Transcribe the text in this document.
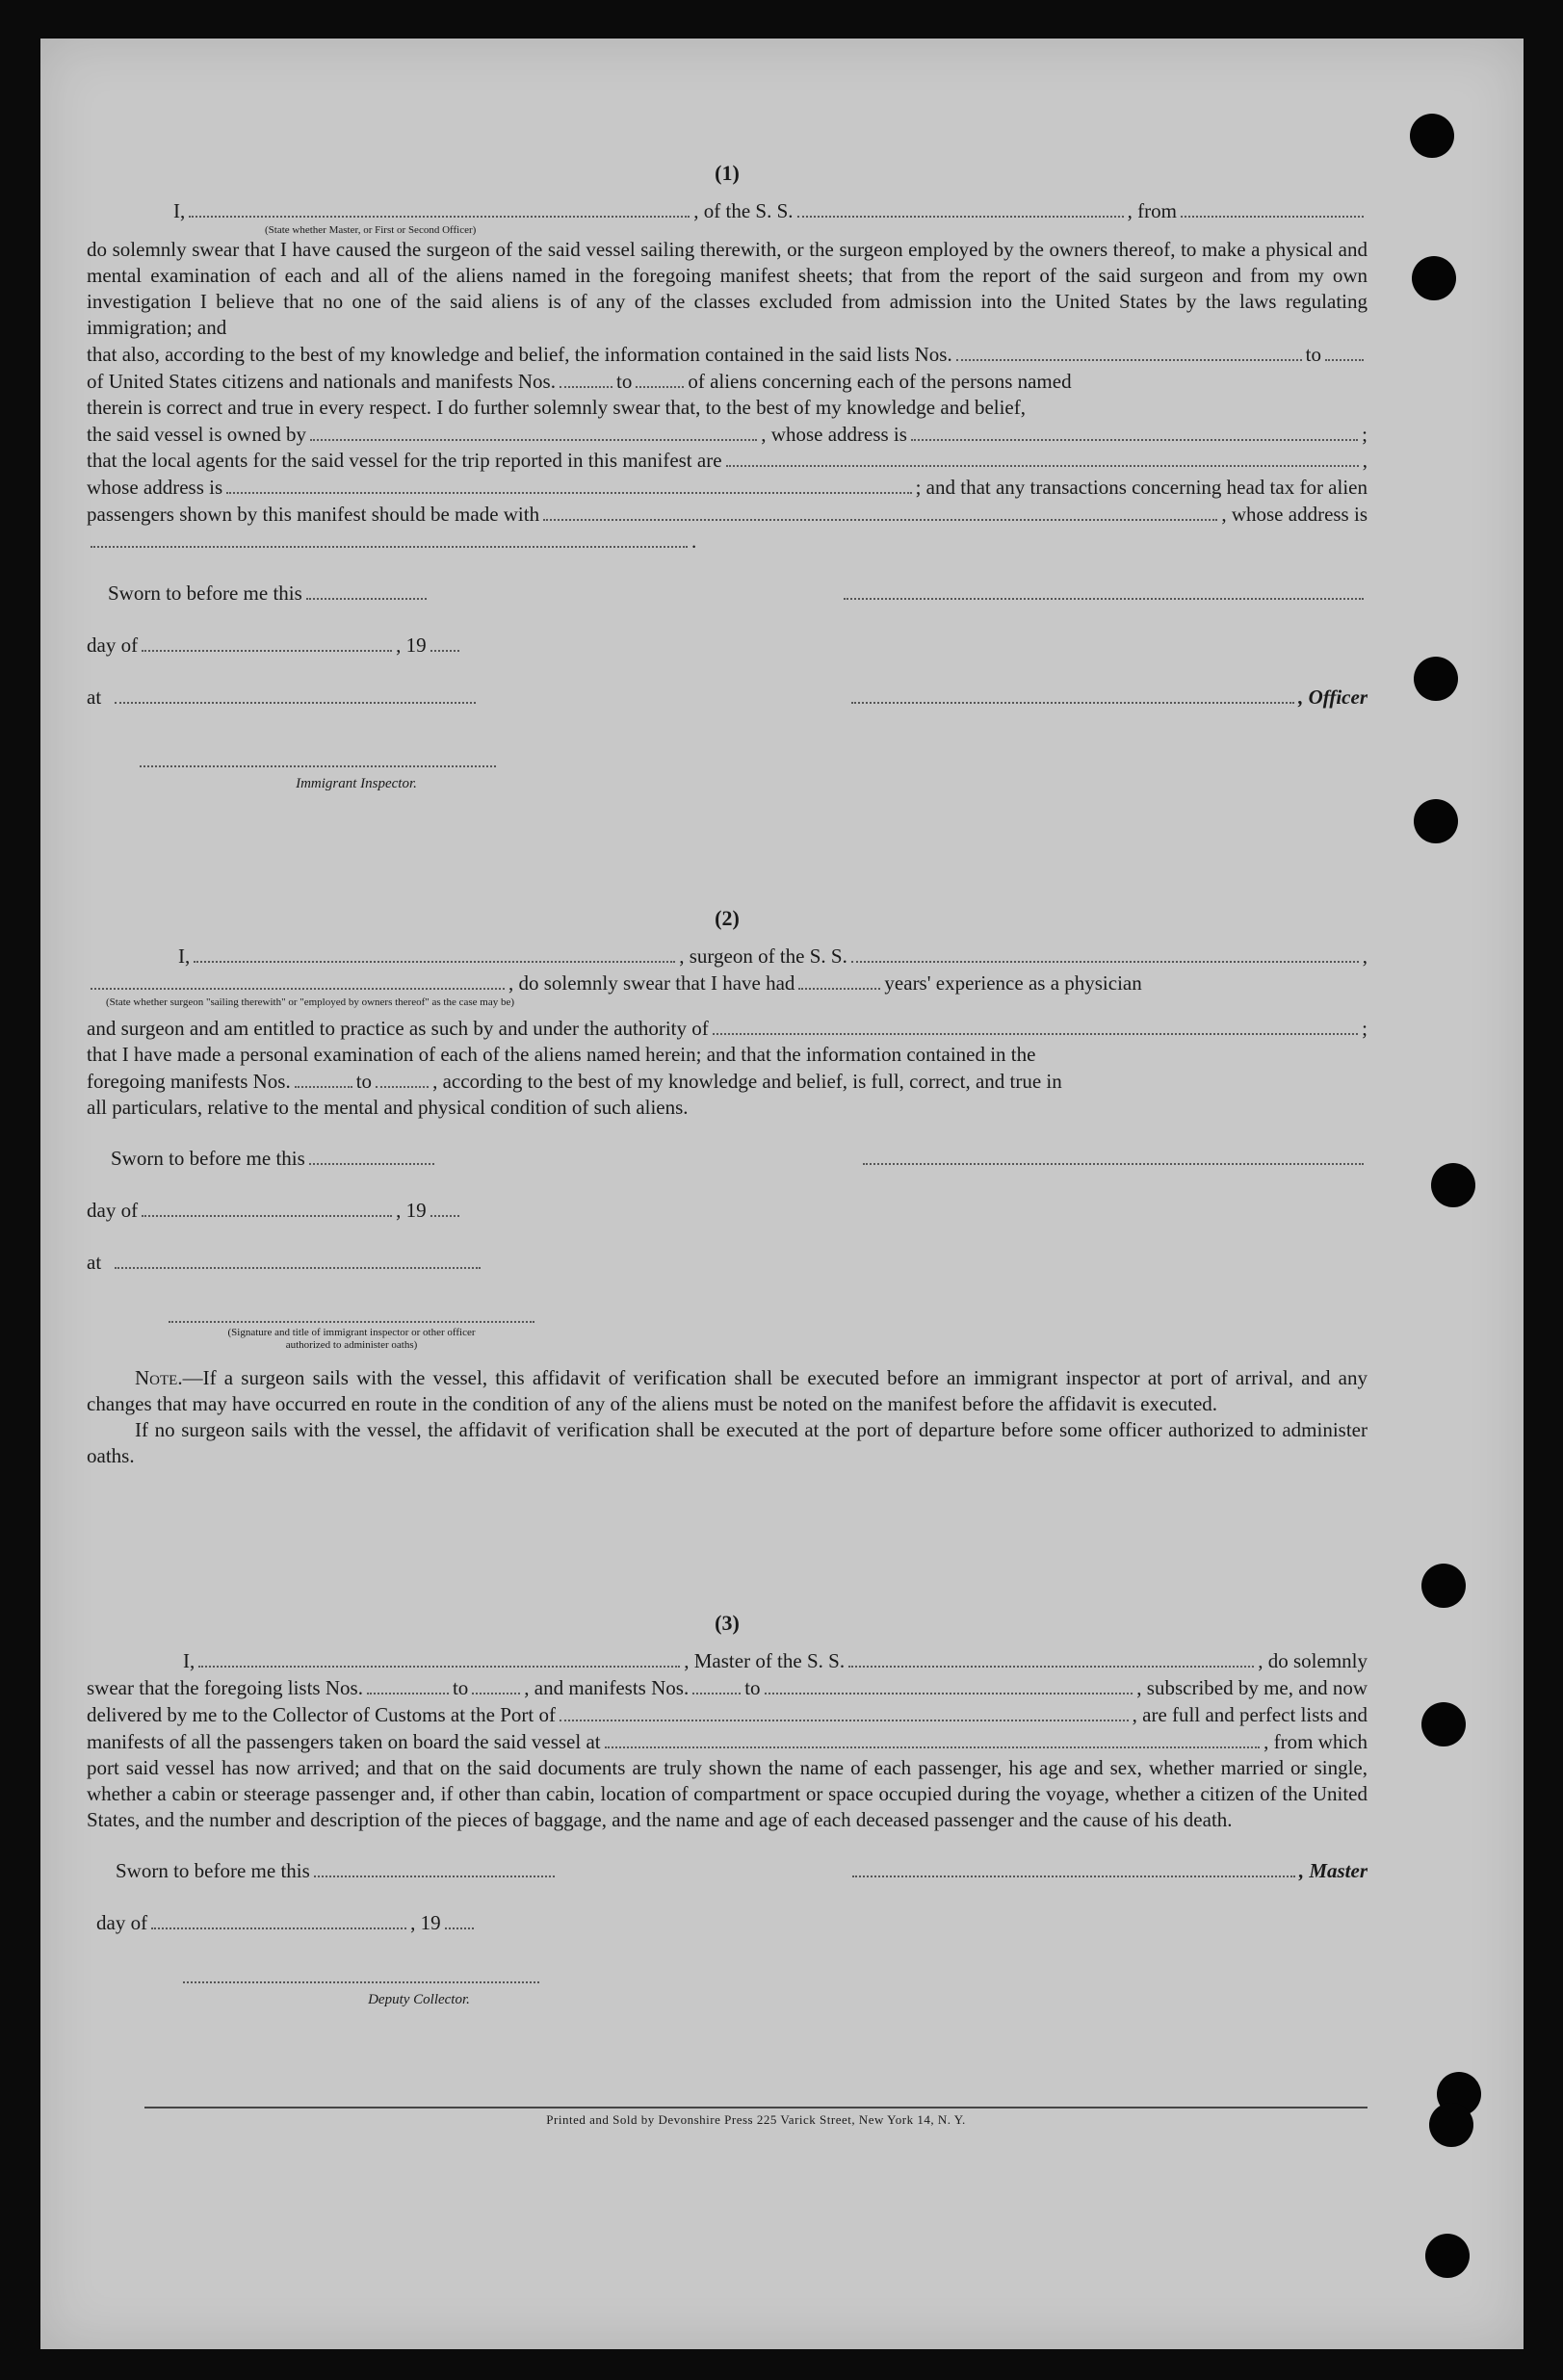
(1)
I,	, of the S. S.	, from
(State whether Master, or First or Second Officer)

do solemnly swear that I have caused the surgeon of the said vessel sailing therewith, or the surgeon employed by the owners thereof, to make a physical and mental examination of each and all of the aliens named in the foregoing manifest sheets; that from the report of the said surgeon and from my own investigation I believe that no one of the said aliens is of any of the classes excluded from admission into the United States by the laws regulating immigration; and

that also, according to the best of my knowledge and belief, the information contained in the said lists Nos.	to
of United States citizens and nationals and manifests Nos.	to	of aliens concerning each of the persons named

therein is correct and true in every respect. I do further solemnly swear that, to the best of my knowledge and belief,

the said vessel is owned by	, whose address is	;
that the local agents for the said vessel for the trip reported in this manifest are	,
whose address is	; and that any transactions concerning head tax for alien
passengers shown by this manifest should be made with	, whose address is
.
Sworn to before me this
day of	, 19
at	, Officer
Immigrant Inspector.
(2)
I,	, surgeon of the S. S.	,
, do solemnly swear that I have had	years' experience as a physician
(State whether surgeon "sailing therewith" or "employed by owners thereof" as the case may be)
and surgeon and am entitled to practice as such by and under the authority of	;
that I have made a personal examination of each of the aliens named herein; and that the information contained in the
foregoing manifests Nos.	to	, according to the best of my knowledge and belief, is full, correct, and true in
all particulars, relative to the mental and physical condition of such aliens.
Sworn to before me this
day of	, 19
at
(Signature and title of immigrant inspector or other officer authorized to administer oaths)

Note.—If a surgeon sails with the vessel, this affidavit of verification shall be executed before an immigrant inspector at port of arrival, and any changes that may have occurred en route in the condition of any of the aliens must be noted on the manifest before the affidavit is executed.

If no surgeon sails with the vessel, the affidavit of verification shall be executed at the port of departure before some officer authorized to administer oaths.

(3)
I,	, Master of the S. S.	, do solemnly
swear that the foregoing lists Nos.	to	, and manifests Nos.	to	, subscribed by me, and now
delivered by me to the Collector of Customs at the Port of	, are full and perfect lists and
manifests of all the passengers taken on board the said vessel at	, from which

port said vessel has now arrived; and that on the said documents are truly shown the name of each passenger, his age and sex, whether married or single, whether a cabin or steerage passenger and, if other than cabin, location of compartment or space occupied during the voyage, whether a citizen of the United States, and the number and description of the pieces of baggage, and the name and age of each deceased passenger and the cause of his death.

Sworn to before me this	, Master
day of	, 19
Deputy Collector.
Printed and Sold by Devonshire Press 225 Varick Street, New York 14, N. Y.
